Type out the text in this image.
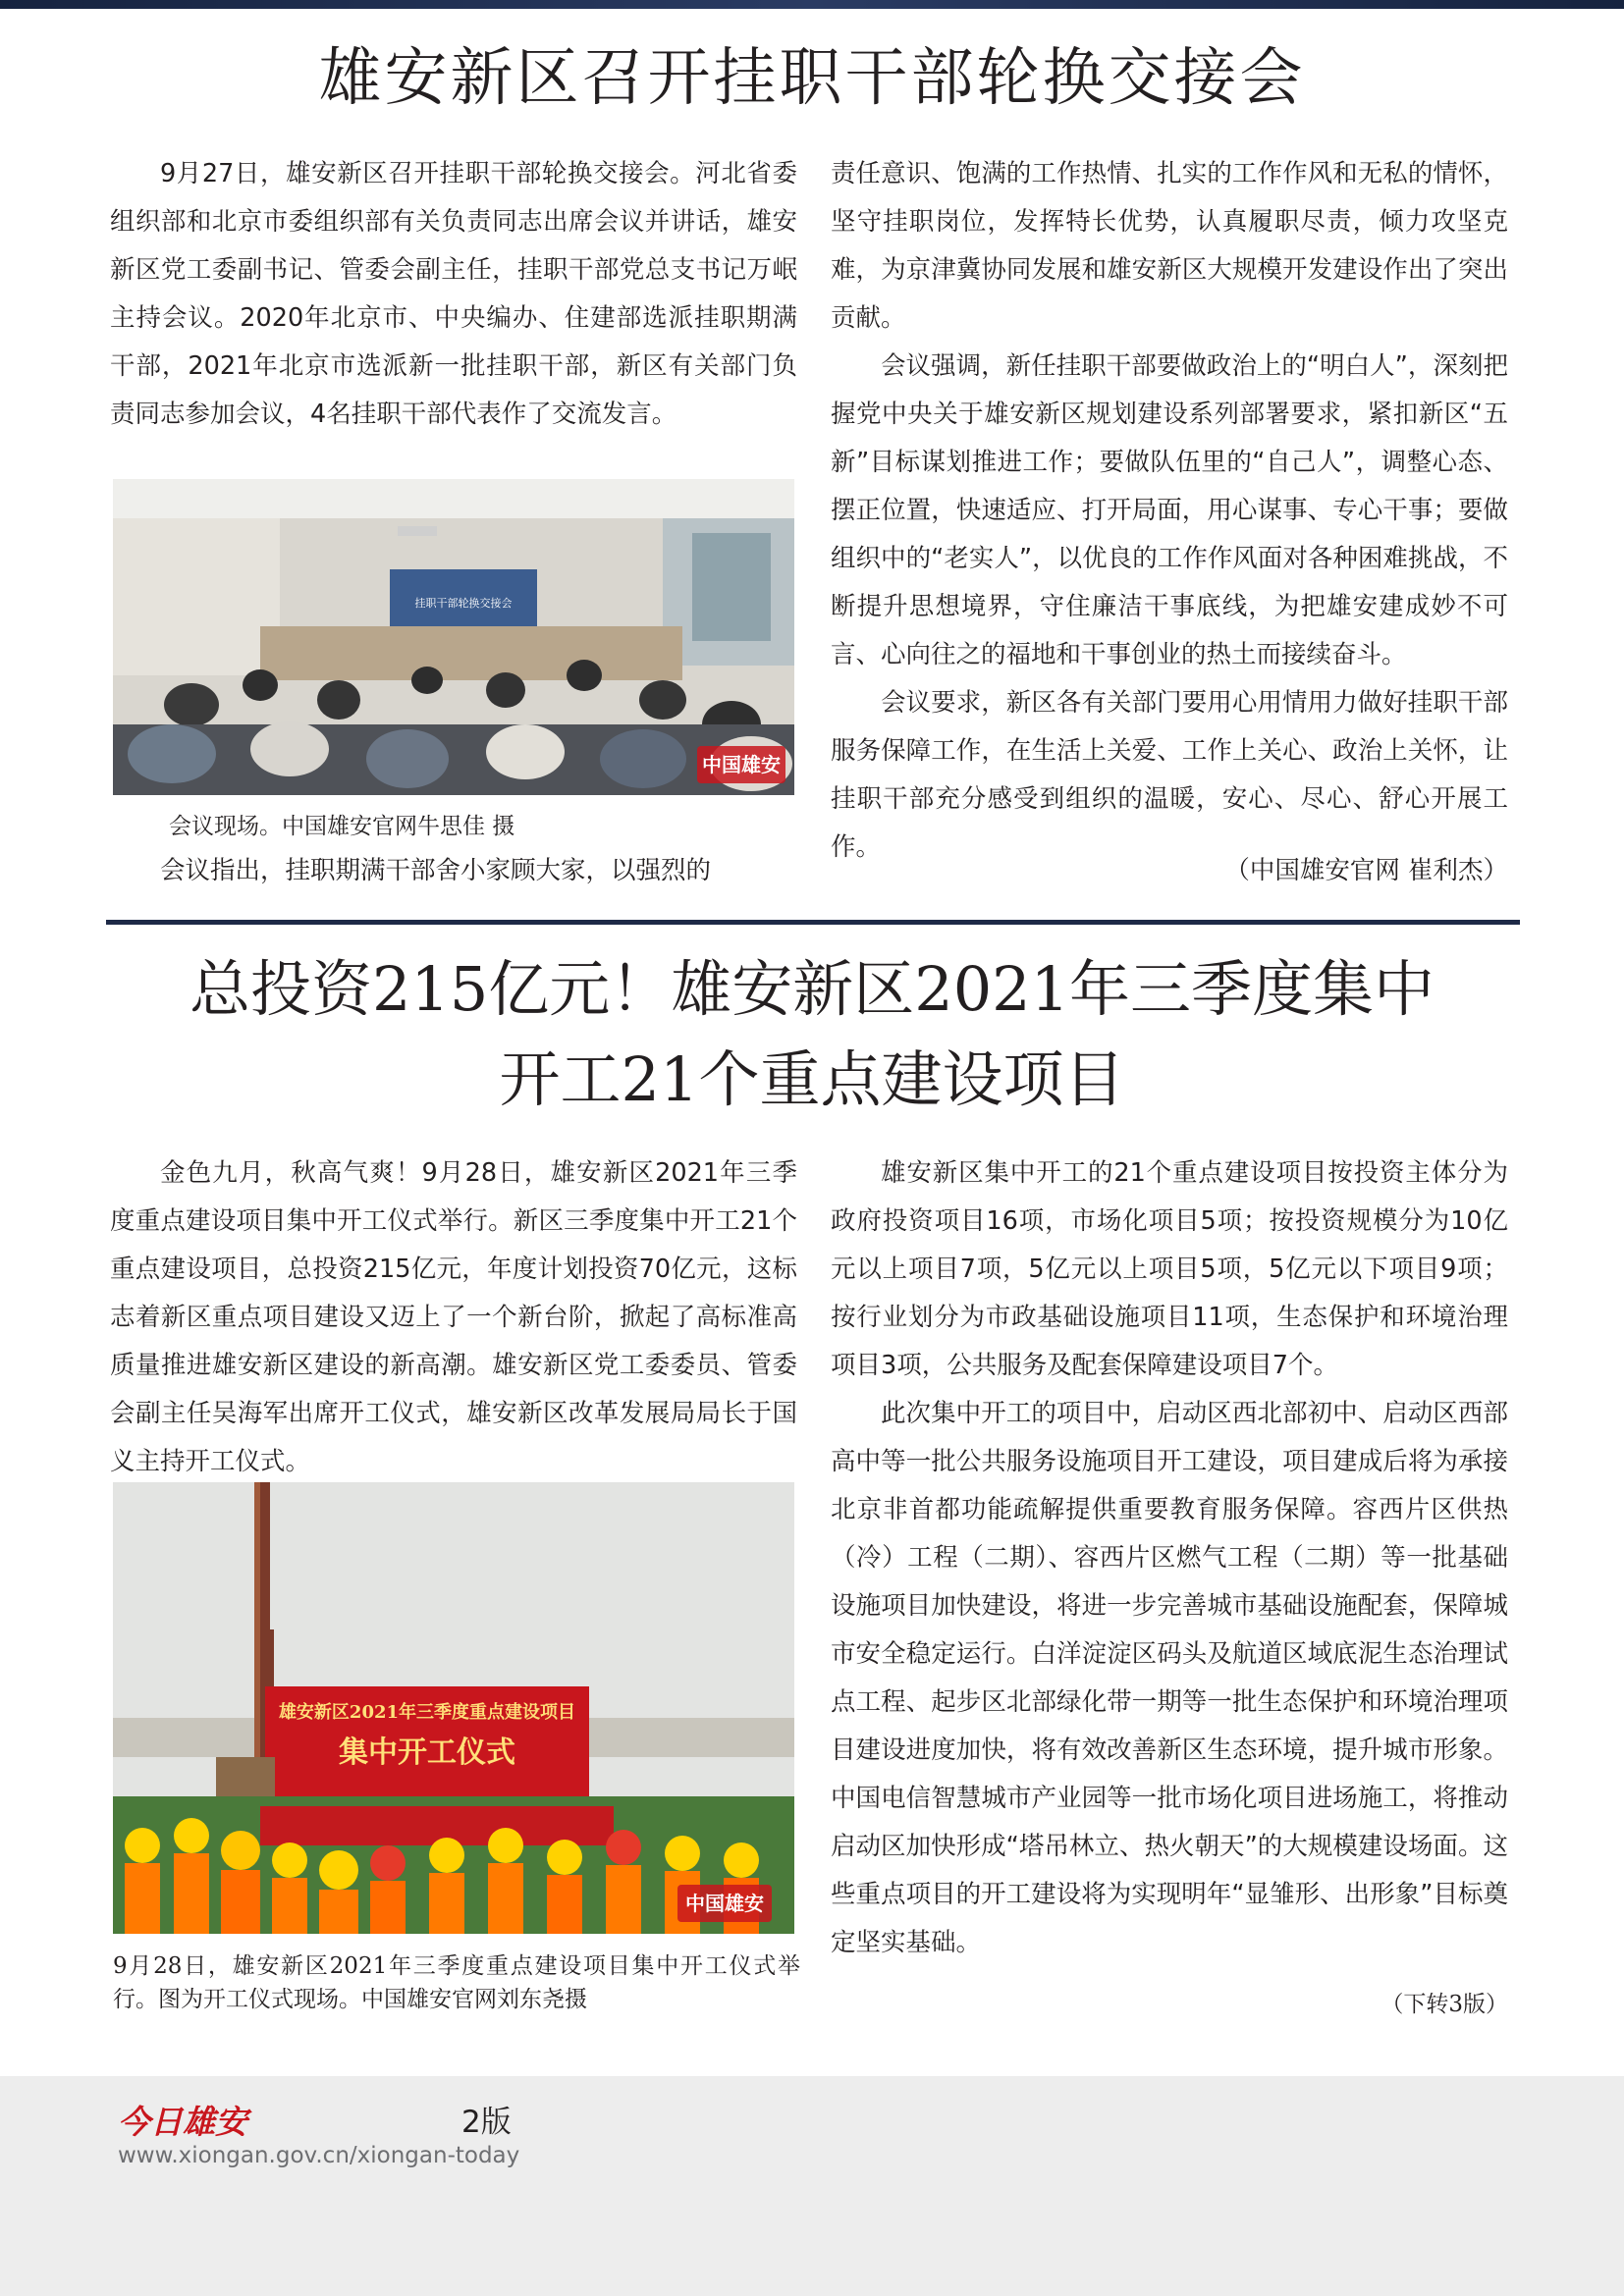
雄安新区召开挂职干部轮换交接会

9月27日，雄安新区召开挂职干部轮换交接会。河北省委组织部和北京市委组织部有关负责同志出席会议并讲话，雄安新区党工委副书记、管委会副主任，挂职干部党总支书记万岷主持会议。2020年北京市、中央编办、住建部选派挂职期满干部，2021年北京市选派新一批挂职干部，新区有关部门负责同志参加会议，4名挂职干部代表作了交流发言。

中国雄安
挂职干部轮换交接会
会议现场。中国雄安官网牛思佳 摄

会议指出，挂职期满干部舍小家顾大家，以强烈的

责任意识、饱满的工作热情、扎实的工作作风和无私的情怀，坚守挂职岗位，发挥特长优势，认真履职尽责，倾力攻坚克难，为京津冀协同发展和雄安新区大规模开发建设作出了突出贡献。

会议强调，新任挂职干部要做政治上的“明白人”，深刻把握党中央关于雄安新区规划建设系列部署要求，紧扣新区“五新”目标谋划推进工作；要做队伍里的“自己人”，调整心态、摆正位置，快速适应、打开局面，用心谋事、专心干事；要做组织中的“老实人”，以优良的工作作风面对各种困难挑战，不断提升思想境界，守住廉洁干事底线，为把雄安建成妙不可言、心向往之的福地和干事创业的热土而接续奋斗。

会议要求，新区各有关部门要用心用情用力做好挂职干部服务保障工作，在生活上关爱、工作上关心、政治上关怀，让挂职干部充分感受到组织的温暖，安心、尽心、舒心开展工作。

（中国雄安官网 崔利杰）
总投资215亿元！雄安新区2021年三季度集中
开工21个重点建设项目

金色九月，秋高气爽！9月28日，雄安新区2021年三季度重点建设项目集中开工仪式举行。新区三季度集中开工21个重点建设项目，总投资215亿元，年度计划投资70亿元，这标志着新区重点项目建设又迈上了一个新台阶，掀起了高标准高质量推进雄安新区建设的新高潮。雄安新区党工委委员、管委会副主任吴海军出席开工仪式，雄安新区改革发展局局长于国义主持开工仪式。

雄安新区2021年三季度重点建设项目
集中开工仪式
中国雄安
9月28日，雄安新区2021年三季度重点建设项目集中开工仪式举行。图为开工仪式现场。中国雄安官网刘东尧摄

雄安新区集中开工的21个重点建设项目按投资主体分为政府投资项目16项，市场化项目5项；按投资规模分为10亿元以上项目7项，5亿元以上项目5项，5亿元以下项目9项；按行业划分为市政基础设施项目11项，生态保护和环境治理项目3项，公共服务及配套保障建设项目7个。

此次集中开工的项目中，启动区西北部初中、启动区西部高中等一批公共服务设施项目开工建设，项目建成后将为承接北京非首都功能疏解提供重要教育服务保障。容西片区供热（冷）工程（二期）、容西片区燃气工程（二期）等一批基础设施项目加快建设，将进一步完善城市基础设施配套，保障城市安全稳定运行。白洋淀淀区码头及航道区域底泥生态治理试点工程、起步区北部绿化带一期等一批生态保护和环境治理项目建设进度加快，将有效改善新区生态环境，提升城市形象。中国电信智慧城市产业园等一批市场化项目进场施工，将推动启动区加快形成“塔吊林立、热火朝天”的大规模建设场面。这些重点项目的开工建设将为实现明年“显雏形、出形象”目标奠定坚实基础。

（下转3版）
今日雄安	2版
www.xiongan.gov.cn/xiongan-today
